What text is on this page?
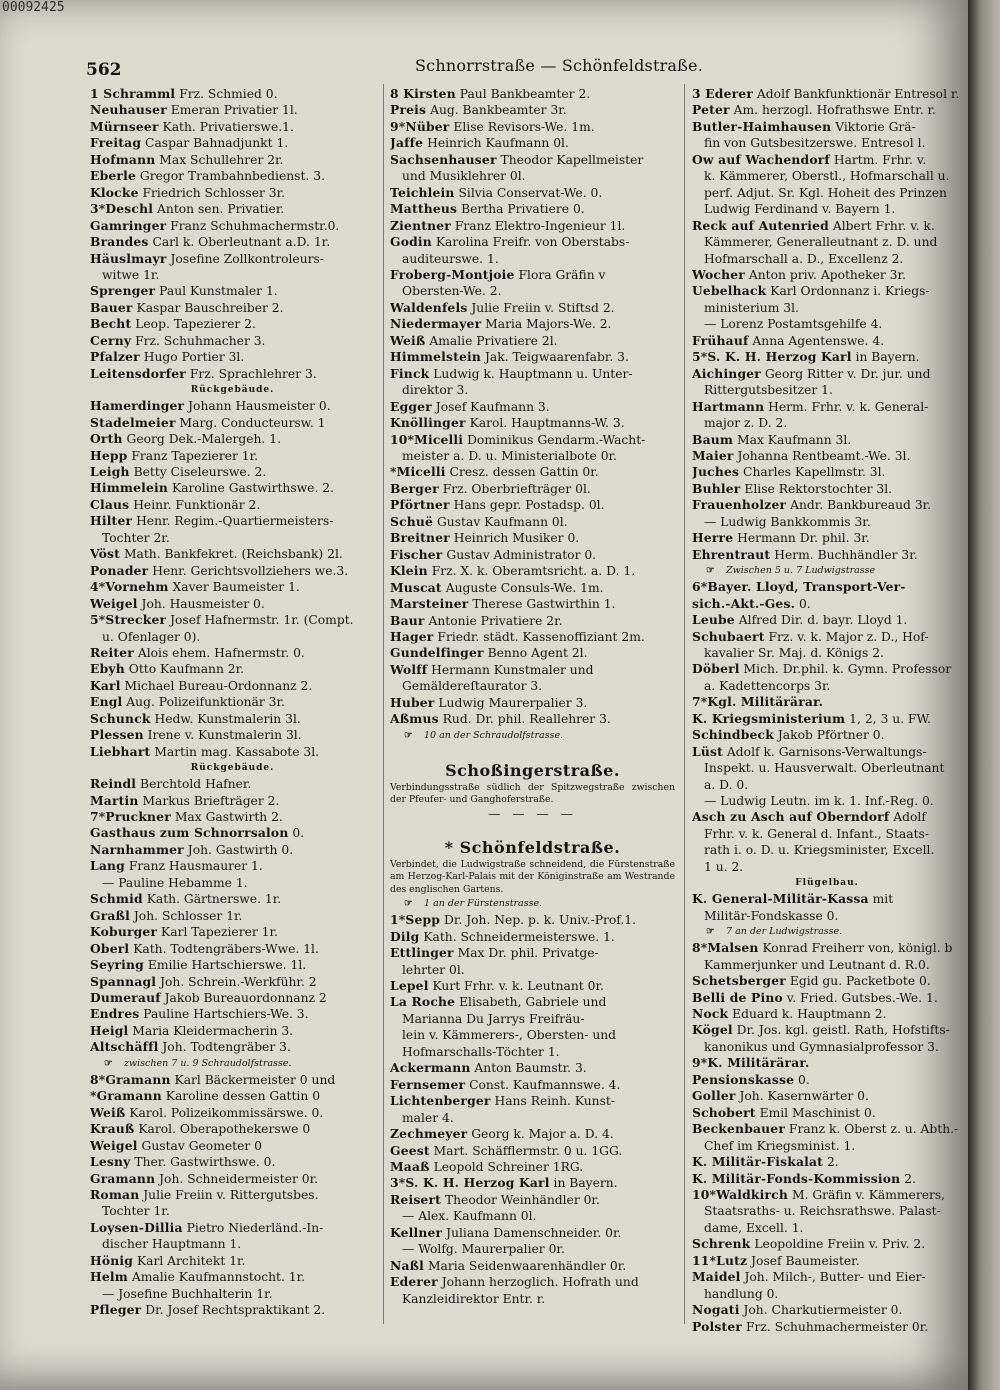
00092425
562	Schnorrstraße — Schönfeldstraße.
1 Schramml Frz. Schmied 0.
Neuhauser Emeran Privatier 1l.
Mürnseer Kath. Privatierswe.1.
Freitag Caspar Bahnadjunkt 1.
Hofmann Max Schullehrer 2r.
Eberle Gregor Trambahnbedienst. 3.
Klocke Friedrich Schlosser 3r.
3*Deschl Anton sen. Privatier.
Gamringer Franz Schuhmachermstr.0.
Brandes Carl k. Oberleutnant a.D. 1r.
Häuslmayr Josefine Zollkontroleurs-
witwe 1r.
Sprenger Paul Kunstmaler 1.
Bauer Kaspar Bauschreiber 2.
Becht Leop. Tapezierer 2.
Cerny Frz. Schuhmacher 3.
Pfalzer Hugo Portier 3l.
Leitensdorfer Frz. Sprachlehrer 3.
Rückgebäude.
Hamerdinger Johann Hausmeister 0.
Stadelmeier Marg. Conducteursw. 1
Orth Georg Dek.-Malergeh. 1.
Hepp Franz Tapezierer 1r.
Leigh Betty Ciseleurswe. 2.
Himmelein Karoline Gastwirthswe. 2.
Claus Heinr. Funktionär 2.
Hilter Henr. Regim.-Quartiermeisters-
Tochter 2r.
Vöst Math. Bankfekret. (Reichsbank) 2l.
Ponader Henr. Gerichtsvollziehers we.3.
4*Vornehm Xaver Baumeister 1.
Weigel Joh. Hausmeister 0.
5*Strecker Josef Hafnermstr. 1r. (Compt.
u. Ofenlager 0).
Reiter Alois ehem. Hafnermstr. 0.
Ebyh Otto Kaufmann 2r.
Karl Michael Bureau-Ordonnanz 2.
Engl Aug. Polizeifunktionär 3r.
Schunck Hedw. Kunstmalerin 3l.
Plessen Irene v. Kunstmalerin 3l.
Liebhart Martin mag. Kassabote 3l.
Rückgebäude.
Reindl Berchtold Hafner.
Martin Markus Briefträger 2.
7*Pruckner Max Gastwirth 2.
Gasthaus zum Schnorrsalon 0.
Narnhammer Joh. Gastwirth 0.
Lang Franz Hausmaurer 1.
— Pauline Hebamme 1.
Schmid Kath. Gärtnerswe. 1r.
Graßl Joh. Schlosser 1r.
Koburger Karl Tapezierer 1r.
Oberl Kath. Todtengräbers-Wwe. 1l.
Seyring Emilie Hartschierswe. 1l.
Spannagl Joh. Schrein.-Werkführ. 2
Dumerauf Jakob Bureauordonnanz 2
Endres Pauline Hartschiers-We. 3.
Heigl Maria Kleidermacherin 3.
Altschäffl Joh. Todtengräber 3.
☞ zwischen 7 u. 9 Schraudolfstrasse.
8*Gramann Karl Bäckermeister 0 und
*Gramann Karoline dessen Gattin 0
Weiß Karol. Polizeikommissärswe. 0.
Krauß Karol. Oberapothekerswe 0
Weigel Gustav Geometer 0
Lesny Ther. Gastwirthswe. 0.
Gramann Joh. Schneidermeister 0r.
Roman Julie Freiin v. Rittergutsbes.
Tochter 1r.
Loysen-Dillia Pietro Niederländ.-In-
discher Hauptmann 1.
Hönig Karl Architekt 1r.
Helm Amalie Kaufmannstocht. 1r.
— Josefine Buchhalterin 1r.
Pfleger Dr. Josef Rechtspraktikant 2.
8 Kirsten Paul Bankbeamter 2.
Preis Aug. Bankbeamter 3r.
9*Nüber Elise Revisors-We. 1m.
Jaffe Heinrich Kaufmann 0l.
Sachsenhauser Theodor Kapellmeister
und Musiklehrer 0l.
Teichlein Silvia Conservat-We. 0.
Mattheus Bertha Privatiere 0.
Zientner Franz Elektro-Ingenieur 1l.
Godin Karolina Freifr. von Oberstabs-
auditeurswe. 1.
Froberg-Montjoie Flora Gräfin v
Obersten-We. 2.
Waldenfels Julie Freiin v. Stiftsd 2.
Niedermayer Maria Majors-We. 2.
Weiß Amalie Privatiere 2l.
Himmelstein Jak. Teigwaarenfabr. 3.
Finck Ludwig k. Hauptmann u. Unter-
direktor 3.
Egger Josef Kaufmann 3.
Knöllinger Karol. Hauptmanns-W. 3.
10*Micelli Dominikus Gendarm.-Wacht-
meister a. D. u. Ministerialbote 0r.
*Micelli Cresz. dessen Gattin 0r.
Berger Frz. Oberbriefträger 0l.
Pförtner Hans gepr. Postadsp. 0l.
Schuë Gustav Kaufmann 0l.
Breitner Heinrich Musiker 0.
Fischer Gustav Administrator 0.
Klein Frz. X. k. Oberamtsricht. a. D. 1.
Muscat Auguste Consuls-We. 1m.
Marsteiner Therese Gastwirthin 1.
Baur Antonie Privatiere 2r.
Hager Friedr. städt. Kassenoffiziant 2m.
Gundelfinger Benno Agent 2l.
Wolff Hermann Kunstmaler und
Gemäldereſtaurator 3.
Huber Ludwig Maurerpalier 3.
Aßmus Rud. Dr. phil. Reallehrer 3.
☞ 10 an der Schraudolfstrasse.
Schoßingerstraße.
Verbindungsstraße südlich der Spitzwegstraße zwischen der Pfeufer- und Ganghoferstraße.
— — — —
* Schönfeldstraße.
Verbindet, die Ludwigstraße schneidend, die Fürstenstraße am Herzog-Karl-Palais mit der Königinstraße am Westrande des englischen Gartens.
☞ 1 an der Fürstenstrasse.
1*Sepp Dr. Joh. Nep. p. k. Univ.-Prof.1.
Dilg Kath. Schneidermeisterswe. 1.
Ettlinger Max Dr. phil. Privatge-
lehrter 0l.
Lepel Kurt Frhr. v. k. Leutnant 0r.
La Roche Elisabeth, Gabriele und
Marianna Du Jarrys Freifräu-
lein v. Kämmerers-, Obersten- und
Hofmarschalls-Töchter 1.
Ackermann Anton Baumstr. 3.
Fernsemer Const. Kaufmannswe. 4.
Lichtenberger Hans Reinh. Kunst-
maler 4.
Zechmeyer Georg k. Major a. D. 4.
Geest Mart. Schäfflermstr. 0 u. 1GG.
Maaß Leopold Schreiner 1RG.
3*S. K. H. Herzog Karl in Bayern.
Reisert Theodor Weinhändler 0r.
— Alex. Kaufmann 0l.
Kellner Juliana Damenschneider. 0r.
— Wolfg. Maurerpalier 0r.
Naßl Maria Seidenwaarenhändler 0r.
Ederer Johann herzoglich. Hofrath und
Kanzleidirektor Entr. r.
3 Ederer Adolf Bankfunktionär Entresol r.
Peter Am. herzogl. Hofrathswe Entr. r.
Butler-Haimhausen Viktorie Grä-
fin von Gutsbesitzerswe. Entresol l.
Ow auf Wachendorf Hartm. Frhr. v.
k. Kämmerer, Oberstl., Hofmarschall u.
perf. Adjut. Sr. Kgl. Hoheit des Prinzen
Ludwig Ferdinand v. Bayern 1.
Reck auf Autenried Albert Frhr. v. k.
Kämmerer, Generalleutnant z. D. und
Hofmarschall a. D., Excellenz 2.
Wocher Anton priv. Apotheker 3r.
Uebelhack Karl Ordonnanz i. Kriegs-
ministerium 3l.
— Lorenz Postamtsgehilfe 4.
Frühauf Anna Agentenswe. 4.
5*S. K. H. Herzog Karl in Bayern.
Aichinger Georg Ritter v. Dr. jur. und
Rittergutsbesitzer 1.
Hartmann Herm. Frhr. v. k. General-
major z. D. 2.
Baum Max Kaufmann 3l.
Maier Johanna Rentbeamt.-We. 3l.
Juches Charles Kapellmstr. 3l.
Buhler Elise Rektorstochter 3l.
Frauenholzer Andr. Bankbureaud 3r.
— Ludwig Bankkommis 3r.
Herre Hermann Dr. phil. 3r.
Ehrentraut Herm. Buchhändler 3r.
☞ Zwischen 5 u. 7 Ludwigstrasse
6*Bayer. Lloyd, Transport-Ver-
sich.-Akt.-Ges. 0.
Leube Alfred Dir. d. bayr. Lloyd 1.
Schubaert Frz. v. k. Major z. D., Hof-
kavalier Sr. Maj. d. Königs 2.
Döberl Mich. Dr.phil. k. Gymn. Professor
a. Kadettencorps 3r.
7*Kgl. Militärärar.
K. Kriegsministerium 1, 2, 3 u. FW.
Schindbeck Jakob Pförtner 0.
Lüst Adolf k. Garnisons-Verwaltungs-
Inspekt. u. Hausverwalt. Oberleutnant
a. D. 0.
— Ludwig Leutn. im k. 1. Inf.-Reg. 0.
Asch zu Asch auf Oberndorf Adolf
Frhr. v. k. General d. Infant., Staats-
rath i. o. D. u. Kriegsminister, Excell.
1 u. 2.
Flügelbau.
K. General-Militär-Kassa mit
Militär-Fondskasse 0.
☞ 7 an der Ludwigstrasse.
8*Malsen Konrad Freiherr von, königl. b
Kammerjunker und Leutnant d. R.0.
Schetsberger Egid gu. Packetbote 0.
Belli de Pino v. Fried. Gutsbes.-We. 1.
Nock Eduard k. Hauptmann 2.
Kögel Dr. Jos. kgl. geistl. Rath, Hofstifts-
kanonikus und Gymnasialprofessor 3.
9*K. Militärärar.
Pensionskasse 0.
Goller Joh. Kasernwärter 0.
Schobert Emil Maschinist 0.
Beckenbauer Franz k. Oberst z. u. Abth.-
Chef im Kriegsminist. 1.
K. Militär-Fiskalat 2.
K. Militär-Fonds-Kommission 2.
10*Waldkirch M. Gräfin v. Kämmerers,
Staatsraths- u. Reichsrathswe. Palast-
dame, Excell. 1.
Schrenk Leopoldine Freiin v. Priv. 2.
11*Lutz Josef Baumeister.
Maidel Joh. Milch-, Butter- und Eier-
handlung 0.
Nogati Joh. Charkutiermeister 0.
Polster Frz. Schuhmachermeister 0r.
